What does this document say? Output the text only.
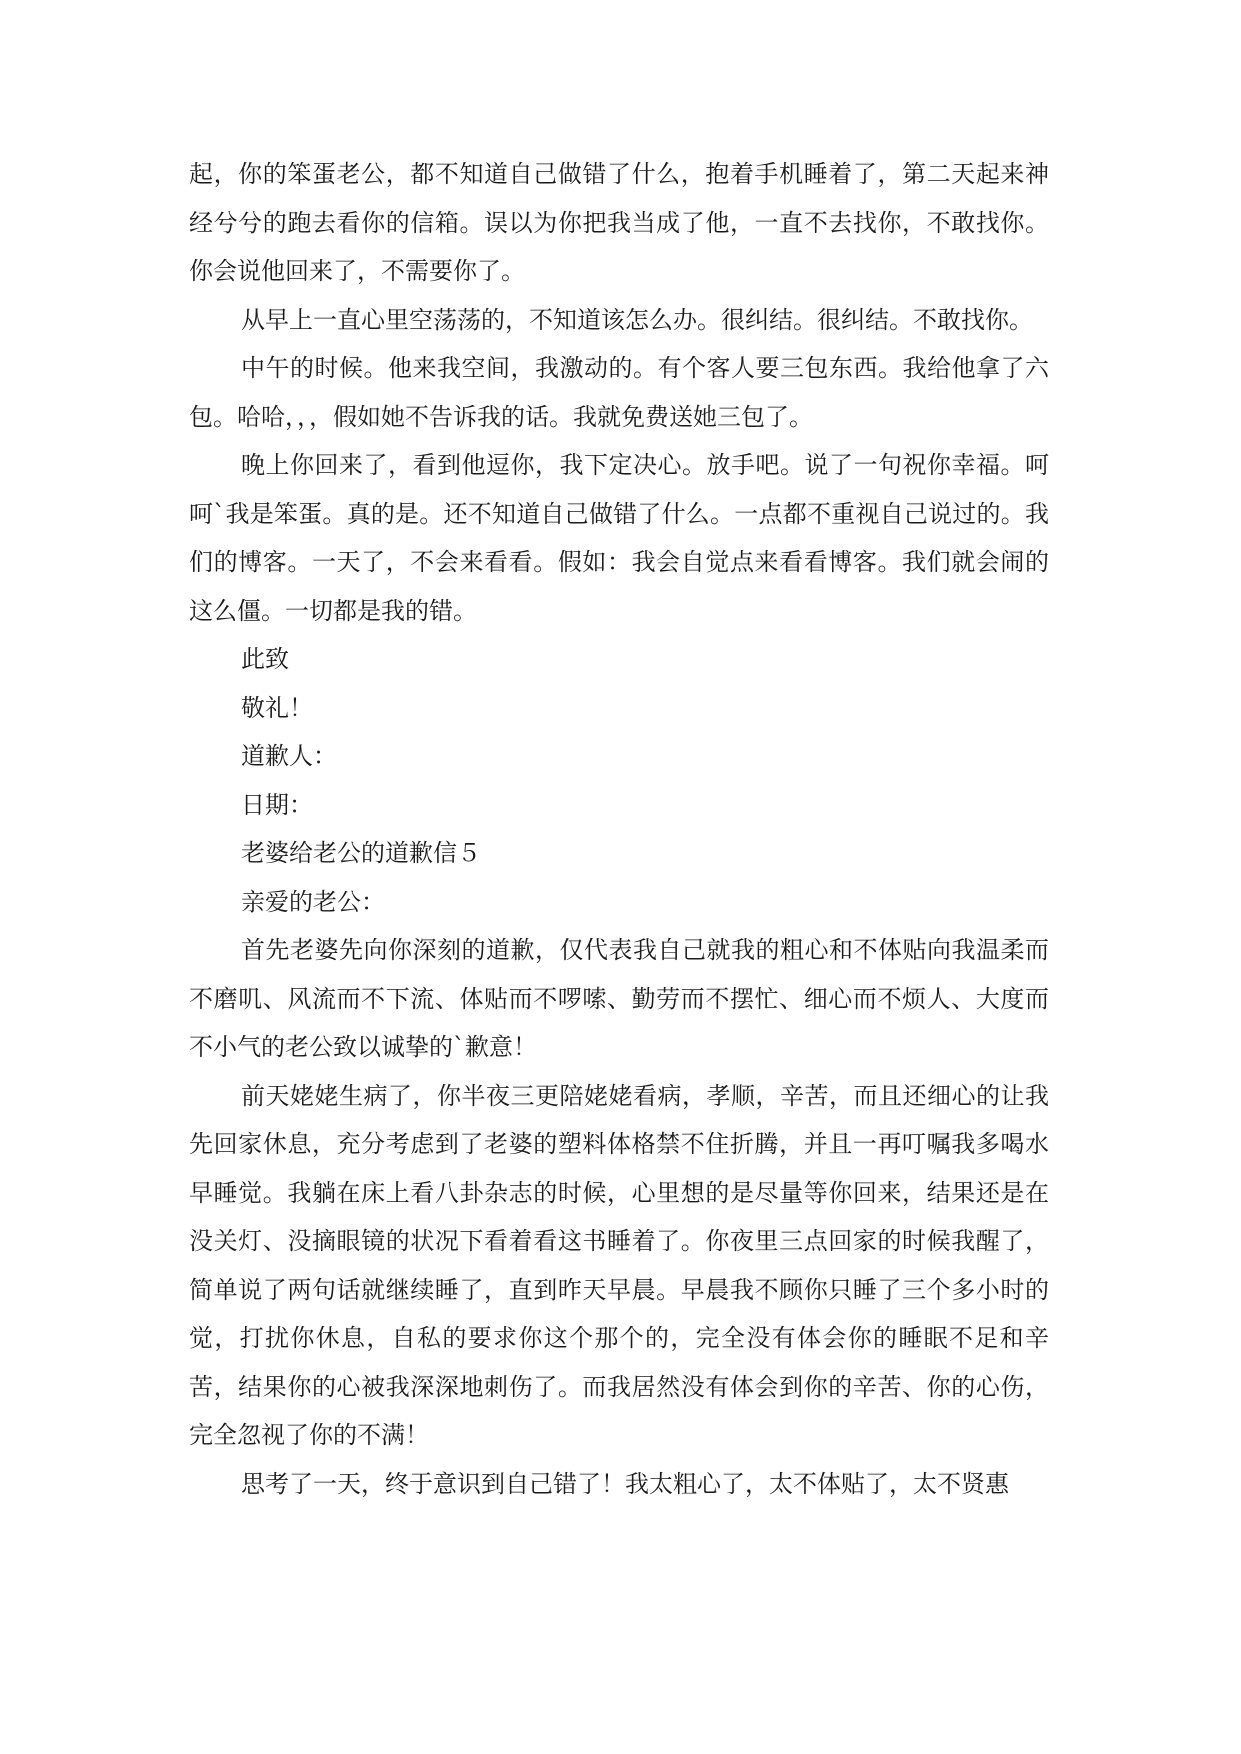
起，你的笨蛋老公，都不知道自己做错了什么，抱着手机睡着了，第二天起来神经兮兮的跑去看你的信箱。误以为你把我当成了他，一直不去找你，不敢找你。你会说他回来了，不需要你了。

从早上一直心里空荡荡的，不知道该怎么办。很纠结。很纠结。不敢找你。

中午的时候。他来我空间，我激动的。有个客人要三包东西。我给他拿了六包。哈哈，，，假如她不告诉我的话。我就免费送她三包了。

晚上你回来了，看到他逗你，我下定决心。放手吧。说了一句祝你幸福。呵呵`我是笨蛋。真的是。还不知道自己做错了什么。一点都不重视自己说过的。我们的博客。一天了，不会来看看。假如：我会自觉点来看看博客。我们就会闹的这么僵。一切都是我的错。

此致

敬礼！

道歉人：

日期：

老婆给老公的道歉信５

亲爱的老公：

首先老婆先向你深刻的道歉，仅代表我自己就我的粗心和不体贴向我温柔而不磨叽、风流而不下流、体贴而不啰嗦、勤劳而不摆忙、细心而不烦人、大度而不小气的老公致以诚挚的`歉意！

前天姥姥生病了，你半夜三更陪姥姥看病，孝顺，辛苦，而且还细心的让我先回家休息，充分考虑到了老婆的塑料体格禁不住折腾，并且一再叮嘱我多喝水早睡觉。我躺在床上看八卦杂志的时候，心里想的是尽量等你回来，结果还是在没关灯、没摘眼镜的状况下看着看这书睡着了。你夜里三点回家的时候我醒了，简单说了两句话就继续睡了，直到昨天早晨。早晨我不顾你只睡了三个多小时的觉，打扰你休息，自私的要求你这个那个的，完全没有体会你的睡眠不足和辛苦，结果你的心被我深深地刺伤了。而我居然没有体会到你的辛苦、你的心伤，完全忽视了你的不满！

思考了一天，终于意识到自己错了！我太粗心了，太不体贴了，太不贤惠
